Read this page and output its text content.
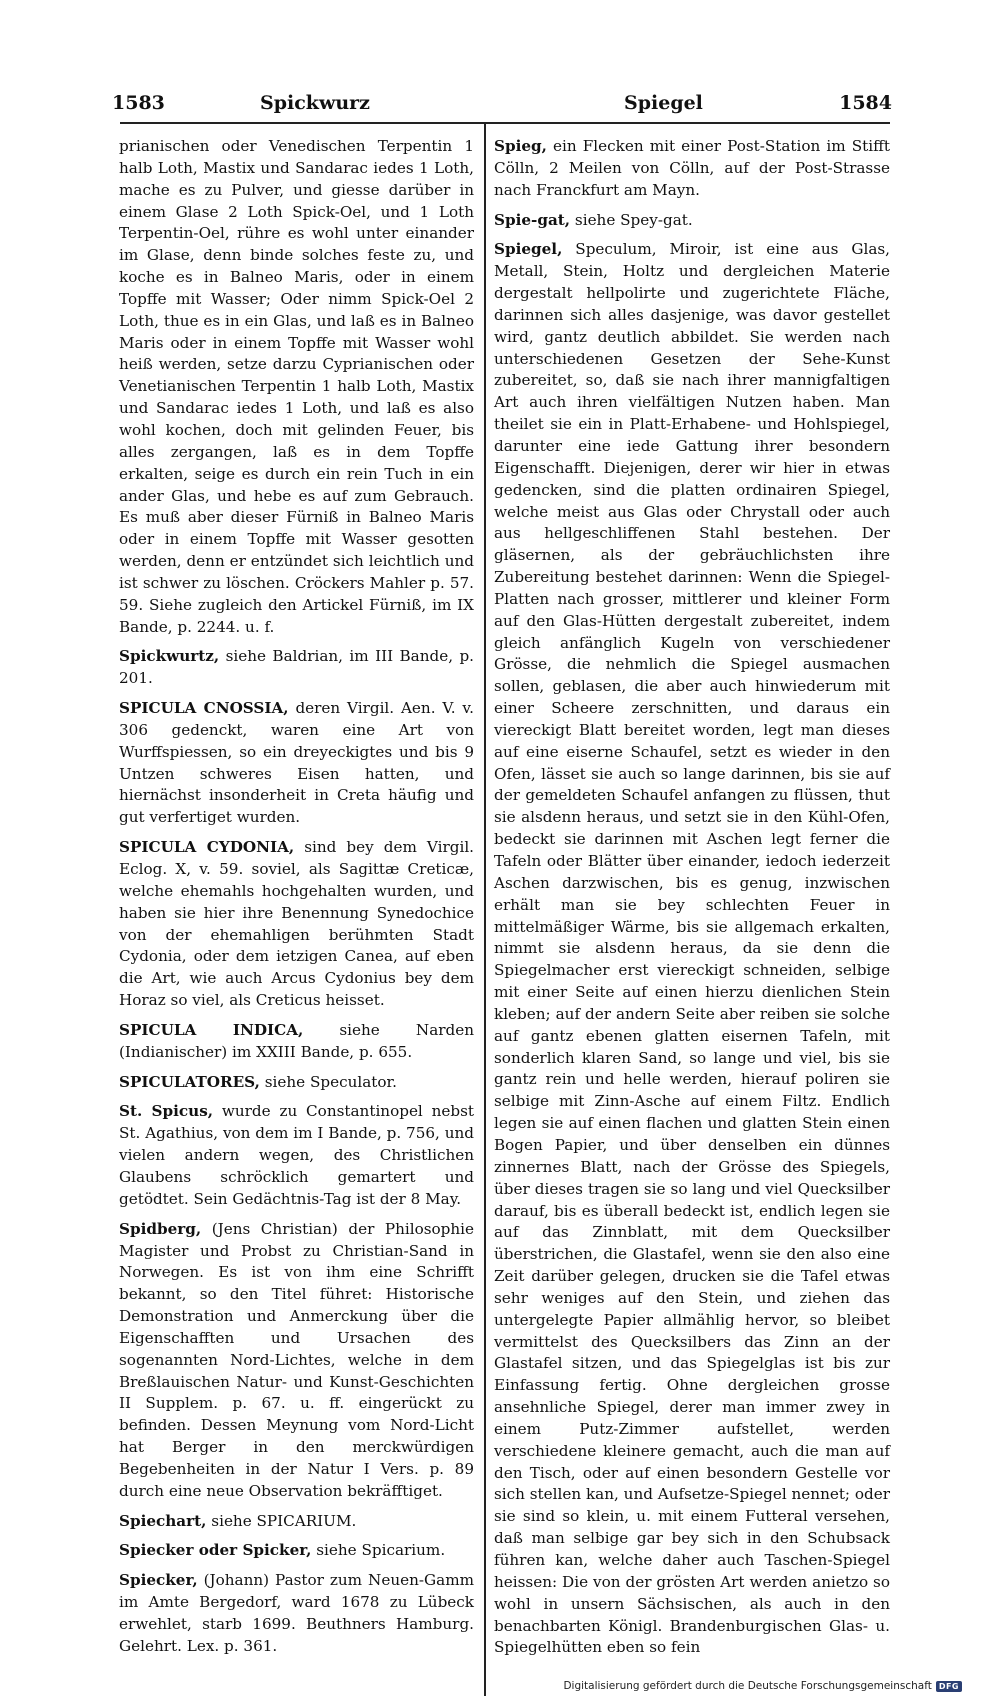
1583	Spickwurz	Spiegel	1584

prianischen oder Venedischen Terpentin 1 halb Loth, Mastix und Sandarac iedes 1 Loth, mache es zu Pulver, und giesse darüber in einem Glase 2 Loth Spick-Oel, und 1 Loth Terpentin-Oel, rühre es wohl unter einander im Glase, denn binde solches feste zu, und koche es in Balneo Maris, oder in einem Topffe mit Wasser; Oder nimm Spick-Oel 2 Loth, thue es in ein Glas, und laß es in Balneo Maris oder in einem Topffe mit Wasser wohl heiß werden, setze darzu Cyprianischen oder Venetianischen Terpentin 1 halb Loth, Mastix und Sandarac iedes 1 Loth, und laß es also wohl kochen, doch mit gelinden Feuer, bis alles zergangen, laß es in dem Topffe erkalten, seige es durch ein rein Tuch in ein ander Glas, und hebe es auf zum Gebrauch. Es muß aber dieser Fürniß in Balneo Maris oder in einem Topffe mit Wasser gesotten werden, denn er entzündet sich leichtlich und ist schwer zu löschen. Cröckers Mahler p. 57. 59. Siehe zugleich den Artickel Fürniß, im IX Bande, p. 2244. u. f.

Spickwurtz, siehe Baldrian, im III Bande, p. 201.

SPICULA CNOSSIA, deren Virgil. Aen. V. v. 306 gedenckt, waren eine Art von Wurffspiessen, so ein dreyeckigtes und bis 9 Untzen schweres Eisen hatten, und hiernächst insonderheit in Creta häufig und gut verfertiget wurden.

SPICULA CYDONIA, sind bey dem Virgil. Eclog. X, v. 59. soviel, als Sagittæ Creticæ, welche ehemahls hochgehalten wurden, und haben sie hier ihre Benennung Synedochice von der ehemahligen berühmten Stadt Cydonia, oder dem ietzigen Canea, auf eben die Art, wie auch Arcus Cydonius bey dem Horaz so viel, als Creticus heisset.

SPICULA INDICA, siehe Narden (Indianischer) im XXIII Bande, p. 655.

SPICULATORES, siehe Speculator.

St. Spicus, wurde zu Constantinopel nebst St. Agathius, von dem im I Bande, p. 756, und vielen andern wegen, des Christlichen Glaubens schröcklich gemartert und getödtet. Sein Gedächtnis-Tag ist der 8 May.

Spidberg, (Jens Christian) der Philosophie Magister und Probst zu Christian-Sand in Norwegen. Es ist von ihm eine Schrifft bekannt, so den Titel führet: Historische Demonstration und Anmerckung über die Eigenschafften und Ursachen des sogenannten Nord-Lichtes, welche in dem Breßlauischen Natur- und Kunst-Geschichten II Supplem. p. 67. u. ff. eingerückt zu befinden. Dessen Meynung vom Nord-Licht hat Berger in den merckwürdigen Begebenheiten in der Natur I Vers. p. 89 durch eine neue Observation bekräfftiget.

Spiechart, siehe SPICARIUM.

Spiecker oder Spicker, siehe Spicarium.

Spiecker, (Johann) Pastor zum Neuen-Gamm im Amte Bergedorf, ward 1678 zu Lübeck erwehlet, starb 1699. Beuthners Hamburg. Gelehrt. Lex. p. 361.

Spieg, ein Flecken mit einer Post-Station im Stifft Cölln, 2 Meilen von Cölln, auf der Post-Strasse nach Franckfurt am Mayn.

Spie-gat, siehe Spey-gat.

Spiegel, Speculum, Miroir, ist eine aus Glas, Metall, Stein, Holtz und dergleichen Materie dergestalt hellpolirte und zugerichtete Fläche, darinnen sich alles dasjenige, was davor gestellet wird, gantz deutlich abbildet. Sie werden nach unterschiedenen Gesetzen der Sehe-Kunst zubereitet, so, daß sie nach ihrer mannigfaltigen Art auch ihren vielfältigen Nutzen haben. Man theilet sie ein in Platt-Erhabene- und Hohlspiegel, darunter eine iede Gattung ihrer besondern Eigenschafft. Diejenigen, derer wir hier in etwas gedencken, sind die platten ordinairen Spiegel, welche meist aus Glas oder Chrystall oder auch aus hellgeschliffenen Stahl bestehen. Der gläsernen, als der gebräuchlichsten ihre Zubereitung bestehet darinnen: Wenn die Spiegel-Platten nach grosser, mittlerer und kleiner Form auf den Glas-Hütten dergestalt zubereitet, indem gleich anfänglich Kugeln von verschiedener Grösse, die nehmlich die Spiegel ausmachen sollen, geblasen, die aber auch hinwiederum mit einer Scheere zerschnitten, und daraus ein viereckigt Blatt bereitet worden, legt man dieses auf eine eiserne Schaufel, setzt es wieder in den Ofen, lässet sie auch so lange darinnen, bis sie auf der gemeldeten Schaufel anfangen zu flüssen, thut sie alsdenn heraus, und setzt sie in den Kühl-Ofen, bedeckt sie darinnen mit Aschen legt ferner die Tafeln oder Blätter über einander, iedoch iederzeit Aschen darzwischen, bis es genug, inzwischen erhält man sie bey schlechten Feuer in mittelmäßiger Wärme, bis sie allgemach erkalten, nimmt sie alsdenn heraus, da sie denn die Spiegelmacher erst viereckigt schneiden, selbige mit einer Seite auf einen hierzu dienlichen Stein kleben; auf der andern Seite aber reiben sie solche auf gantz ebenen glatten eisernen Tafeln, mit sonderlich klaren Sand, so lange und viel, bis sie gantz rein und helle werden, hierauf poliren sie selbige mit Zinn-Asche auf einem Filtz. Endlich legen sie auf einen flachen und glatten Stein einen Bogen Papier, und über denselben ein dünnes zinnernes Blatt, nach der Grösse des Spiegels, über dieses tragen sie so lang und viel Quecksilber darauf, bis es überall bedeckt ist, endlich legen sie auf das Zinnblatt, mit dem Quecksilber überstrichen, die Glastafel, wenn sie den also eine Zeit darüber gelegen, drucken sie die Tafel etwas sehr weniges auf den Stein, und ziehen das untergelegte Papier allmählig hervor, so bleibet vermittelst des Quecksilbers das Zinn an der Glastafel sitzen, und das Spiegelglas ist bis zur Einfassung fertig. Ohne dergleichen grosse ansehnliche Spiegel, derer man immer zwey in einem Putz-Zimmer aufstellet, werden verschiedene kleinere gemacht, auch die man auf den Tisch, oder auf einen besondern Gestelle vor sich stellen kan, und Aufsetze-Spiegel nennet; oder sie sind so klein, u. mit einem Futteral versehen, daß man selbige gar bey sich in den Schubsack führen kan, welche daher auch Taschen-Spiegel heissen: Die von der grösten Art werden anietzo so wohl in unsern Sächsischen, als auch in den benachbarten Königl. Brandenburgischen Glas- u. Spiegelhütten eben so fein

Digitalisierung gefördert durch die Deutsche Forschungsgemeinschaft DFG
